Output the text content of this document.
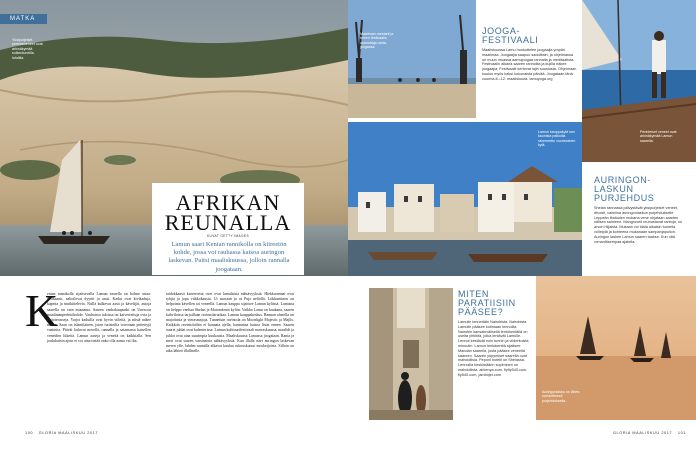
MATKA
Yksipurjeiset perinneveneet ovat arkinäkymää sulkeutuneilla lahdilla.
AFRIKAN
REUNALLA
KUVAT GETTY IMAGES
Lamun saari Kenian rannikolla on kiireetön kohde, jossa voi rauhassa katsoa auringon laskevan. Paitsi maaliskuussa, jolloin rannalla joogataan.
K
enian rannikolla sijaitsevalla Lamun saarella on kolme asiaa: pelikaanit, aaltoilevat dyynit ja aasit. Kadut ovat kivikaduja, kapeita ja mutkittelevia. Niillä kulkevat aasit ja kävelijät, autoja saarella on vain muutama. Saaren vanhakaupunki on Unescon maailmanperintökohde. Vanhoissa taloissa on kaiverrettuja ovia ja kattoterasseja. Varjot kaduilla ovat hyvin viileitä, ja niistä näkee meren. Saari on islamilainen, joten turisteilta toivotaan peitettyjä vaatteita. Päivät kuluvat merellä, rannalla ja satamassa katsellen veneiden liikettä. Lamun aaseja ja veneitä on kaikkialla. Sen joulukuisin ajoin ei voi aina tietää onko olla aamu vai ilta.
taidokkaasti kaiverretut ovet ovat lamulaisia nähtävyyksiä. Hiekkarannat ovat tyhjiä ja jopa viikkokausia. Ui suoraan ja ui Puja neliöllä. Liikkuminen on helpointa kävellen tai veneellä. Lamun kauppa sijaitsee Lamun kylässä. Lamusta on helppo vaeltaa Shelan ja Matondonin kyliin. Vaikka Lamu on kaukana, saaren kahviloissa tarjoillaan ravintolaruokaa. Lamun kauppakeskus. Rannan alueella on majoitusta ja vierasmajoja. Tunnetuin ravintola on Moonlight Majestic ja Majlis. Kaikkiin ravintoloihin ei kannata ajella, kannattaa katsoa listat ennen. Saaren suuret juhlat ovat kalenterissa: Lamun kulttuurifestivaali marraskuussa, maulidi ja juhlat ovat aina suurimpia kuukausia. Maaliskuussa Lamussa joogataan. Ranta ja meri ovat saaren varsinaisia nähtävyyksiä. Kun illalla näet auringon laskevan meren ylle, lahden rannalla alkavat kuulua rukouskutsut moskeijoista. Silloin on aika lähteä illalliselle.
Maailman-mestarit ja toinen festivaalin osanottaja ranta-joogassa.
JOOGA-
FESTIVAALI
Maaliskuussa Lamu houkuttelee joogaajia ympäri maailmaa. Joogaajia saapuu sadoittain, ja ohjelmassa on muun muassa aamujoogaa rannalla ja meditaatiota. Festivaalin aikana saaren rannoilla ja kujilla näkee joogaajia. Festivaalit kertovat lajin suosiosta. Ohjelmaan kuuluu myös kaksi kokonaista päivää. Joogataan tänä vuonna 8.–12. maaliskuuta. lamuyoga.org
Perinteiset veneet ovat arkinäkymää Lamun saarella.
Lamun kauppakylä sen kaunista paikoilla rakennettu vuoristoinen kylä.
AURINGON-
LASKUN
PURJEHDUS
Shelan rannassa päivystävät yksipurjeiset veneet, dhowit, valmiina auringonlaskun purjehdukselle. Leppeän iltatuulen mukana vene ohjataan saarten välisen salmeen. Mangroveit reunustavat rantoja, on arvon hiljaista. Mukaan voi tilata aikaisin tuoreita voileipiä ja kohteena mukanaan sampanjapullon. Auringon laskee Lamun saaren taakse. Kun olisi romanttisempaa ajatella.
MITEN
PARATIISIIN
PÄÄSEE?
Lamulle lennetään Nairobista. Nairobista Lamulle pääsee kotimaan lennoilla. Nairobin kansainvälisellä lentokentällä on useita yhtiöitä, jotka lentävät Lamulle. Lennot kestävät noin tunnin ja viidentoista minuutin. Lamun lentokenttä sijaitsee Mandan saarella, josta pääsee veneellä saareen. Saaren yöpymiset saarella ovat mahdollisia. Peponi hotelli on Shelassa. Lennoilla keskimäärin sopiminen on mahdollista. airkenya.com, flyfly540.com, fly540.com, jambojet.com
Auringonlasku on lähes romanttisesti purjehduksella.
100 GLORIA MAALISKUU 2017	GLORIA MAALISKUU 2017 101
